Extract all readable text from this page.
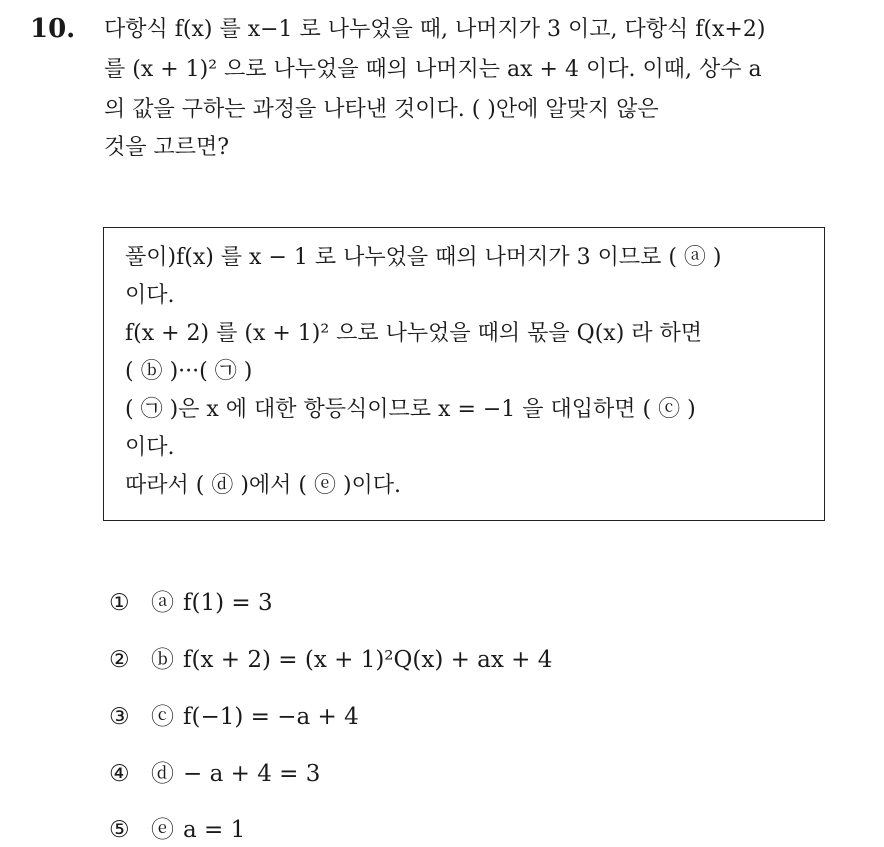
10. 다항식 f(x) 를 x−1 로 나누었을 때, 나머지가 3 이고, 다항식 f(x+2)
를 (x + 1)² 으로 나누었을 때의 나머지는 ax + 4 이다. 이때, 상수 a
의 값을 구하는 과정을 나타낸 것이다. ( )안에 알맞지 않은
것을 고르면?
풀이)f(x) 를 x − 1 로 나누었을 때의 나머지가 3 이므로 ( ⓐ )
이다.
f(x + 2) 를 (x + 1)² 으로 나누었을 때의 몫을 Q(x) 라 하면
( ⓑ )···( ㉠ )
( ㉠ )은 x 에 대한 항등식이므로 x = −1 을 대입하면 ( ⓒ )
이다.
따라서 ( ⓓ )에서 ( ⓔ )이다.
① ⓐ f(1) = 3
② ⓑ f(x + 2) = (x + 1)²Q(x) + ax + 4
③ ⓒ f(−1) = −a + 4
④ ⓓ − a + 4 = 3
⑤ ⓔ a = 1
